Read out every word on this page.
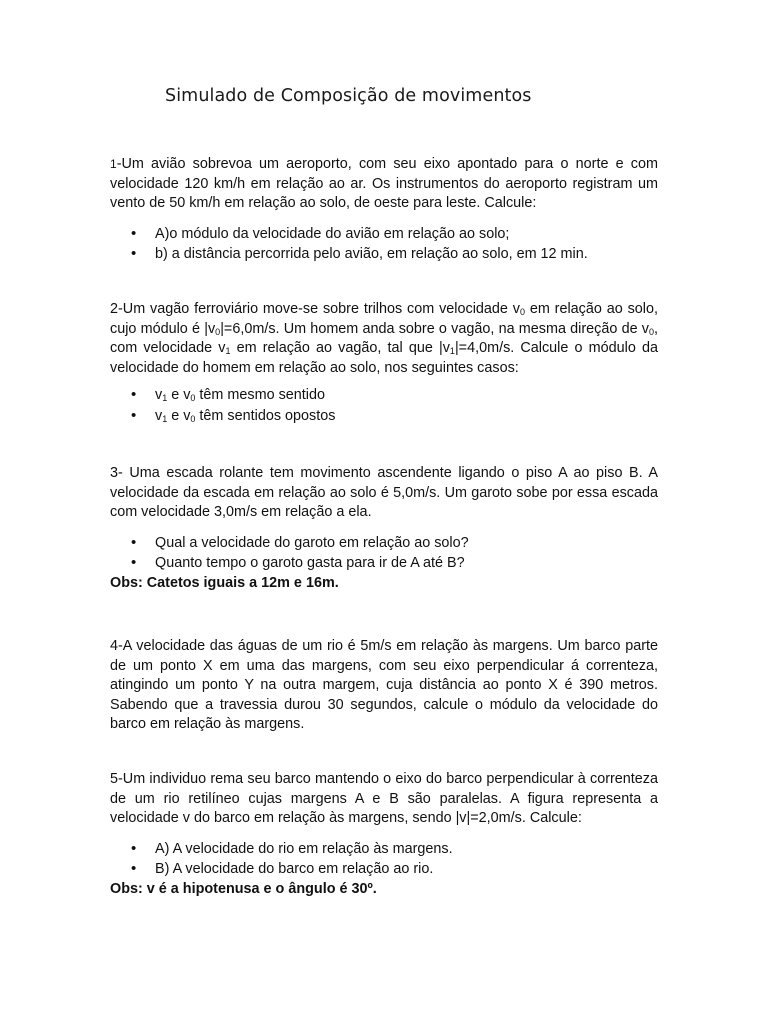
Simulado de Composição de movimentos

1-Um avião sobrevoa um aeroporto, com seu eixo apontado para o norte e com velocidade 120 km/h em relação ao ar. Os instrumentos do aeroporto registram um vento de 50 km/h em relação ao solo, de oeste para leste. Calcule:

• A)o módulo da velocidade do avião em relação ao solo;
• b) a distância percorrida pelo avião, em relação ao solo, em 12 min.

2-Um vagão ferroviário move-se sobre trilhos com velocidade $v_0$ em relação ao solo, cujo módulo é $|v_0|=6,0m/s$. Um homem anda sobre o vagão, na mesma direção de $v_0$, com velocidade $v_1$ em relação ao vagão, tal que $|v_1|=4,0m/s$. Calcule o módulo da velocidade do homem em relação ao solo, nos seguintes casos:

• $v_1$ e $v_0$ têm mesmo sentido
• $v_1$ e $v_0$ têm sentidos opostos

3- Uma escada rolante tem movimento ascendente ligando o piso A ao piso B. A velocidade da escada em relação ao solo é 5,0m/s. Um garoto sobe por essa escada com velocidade 3,0m/s em relação a ela.

• Qual a velocidade do garoto em relação ao solo?
• Quanto tempo o garoto gasta para ir de A até B?

Obs: Catetos iguais a 12m e 16m.

4-A velocidade das águas de um rio é 5m/s em relação às margens. Um barco parte de um ponto X em uma das margens, com seu eixo perpendicular á correnteza, atingindo um ponto Y na outra margem, cuja distância ao ponto X é 390 metros. Sabendo que a travessia durou 30 segundos, calcule o módulo da velocidade do barco em relação às margens.

5-Um individuo rema seu barco mantendo o eixo do barco perpendicular à correnteza de um rio retilíneo cujas margens A e B são paralelas. A figura representa a velocidade v do barco em relação às margens, sendo |v|=2,0m/s. Calcule:

• A) A velocidade do rio em relação às margens.
• B) A velocidade do barco em relação ao rio.

Obs: v é a hipotenusa e o ângulo é 30º.
